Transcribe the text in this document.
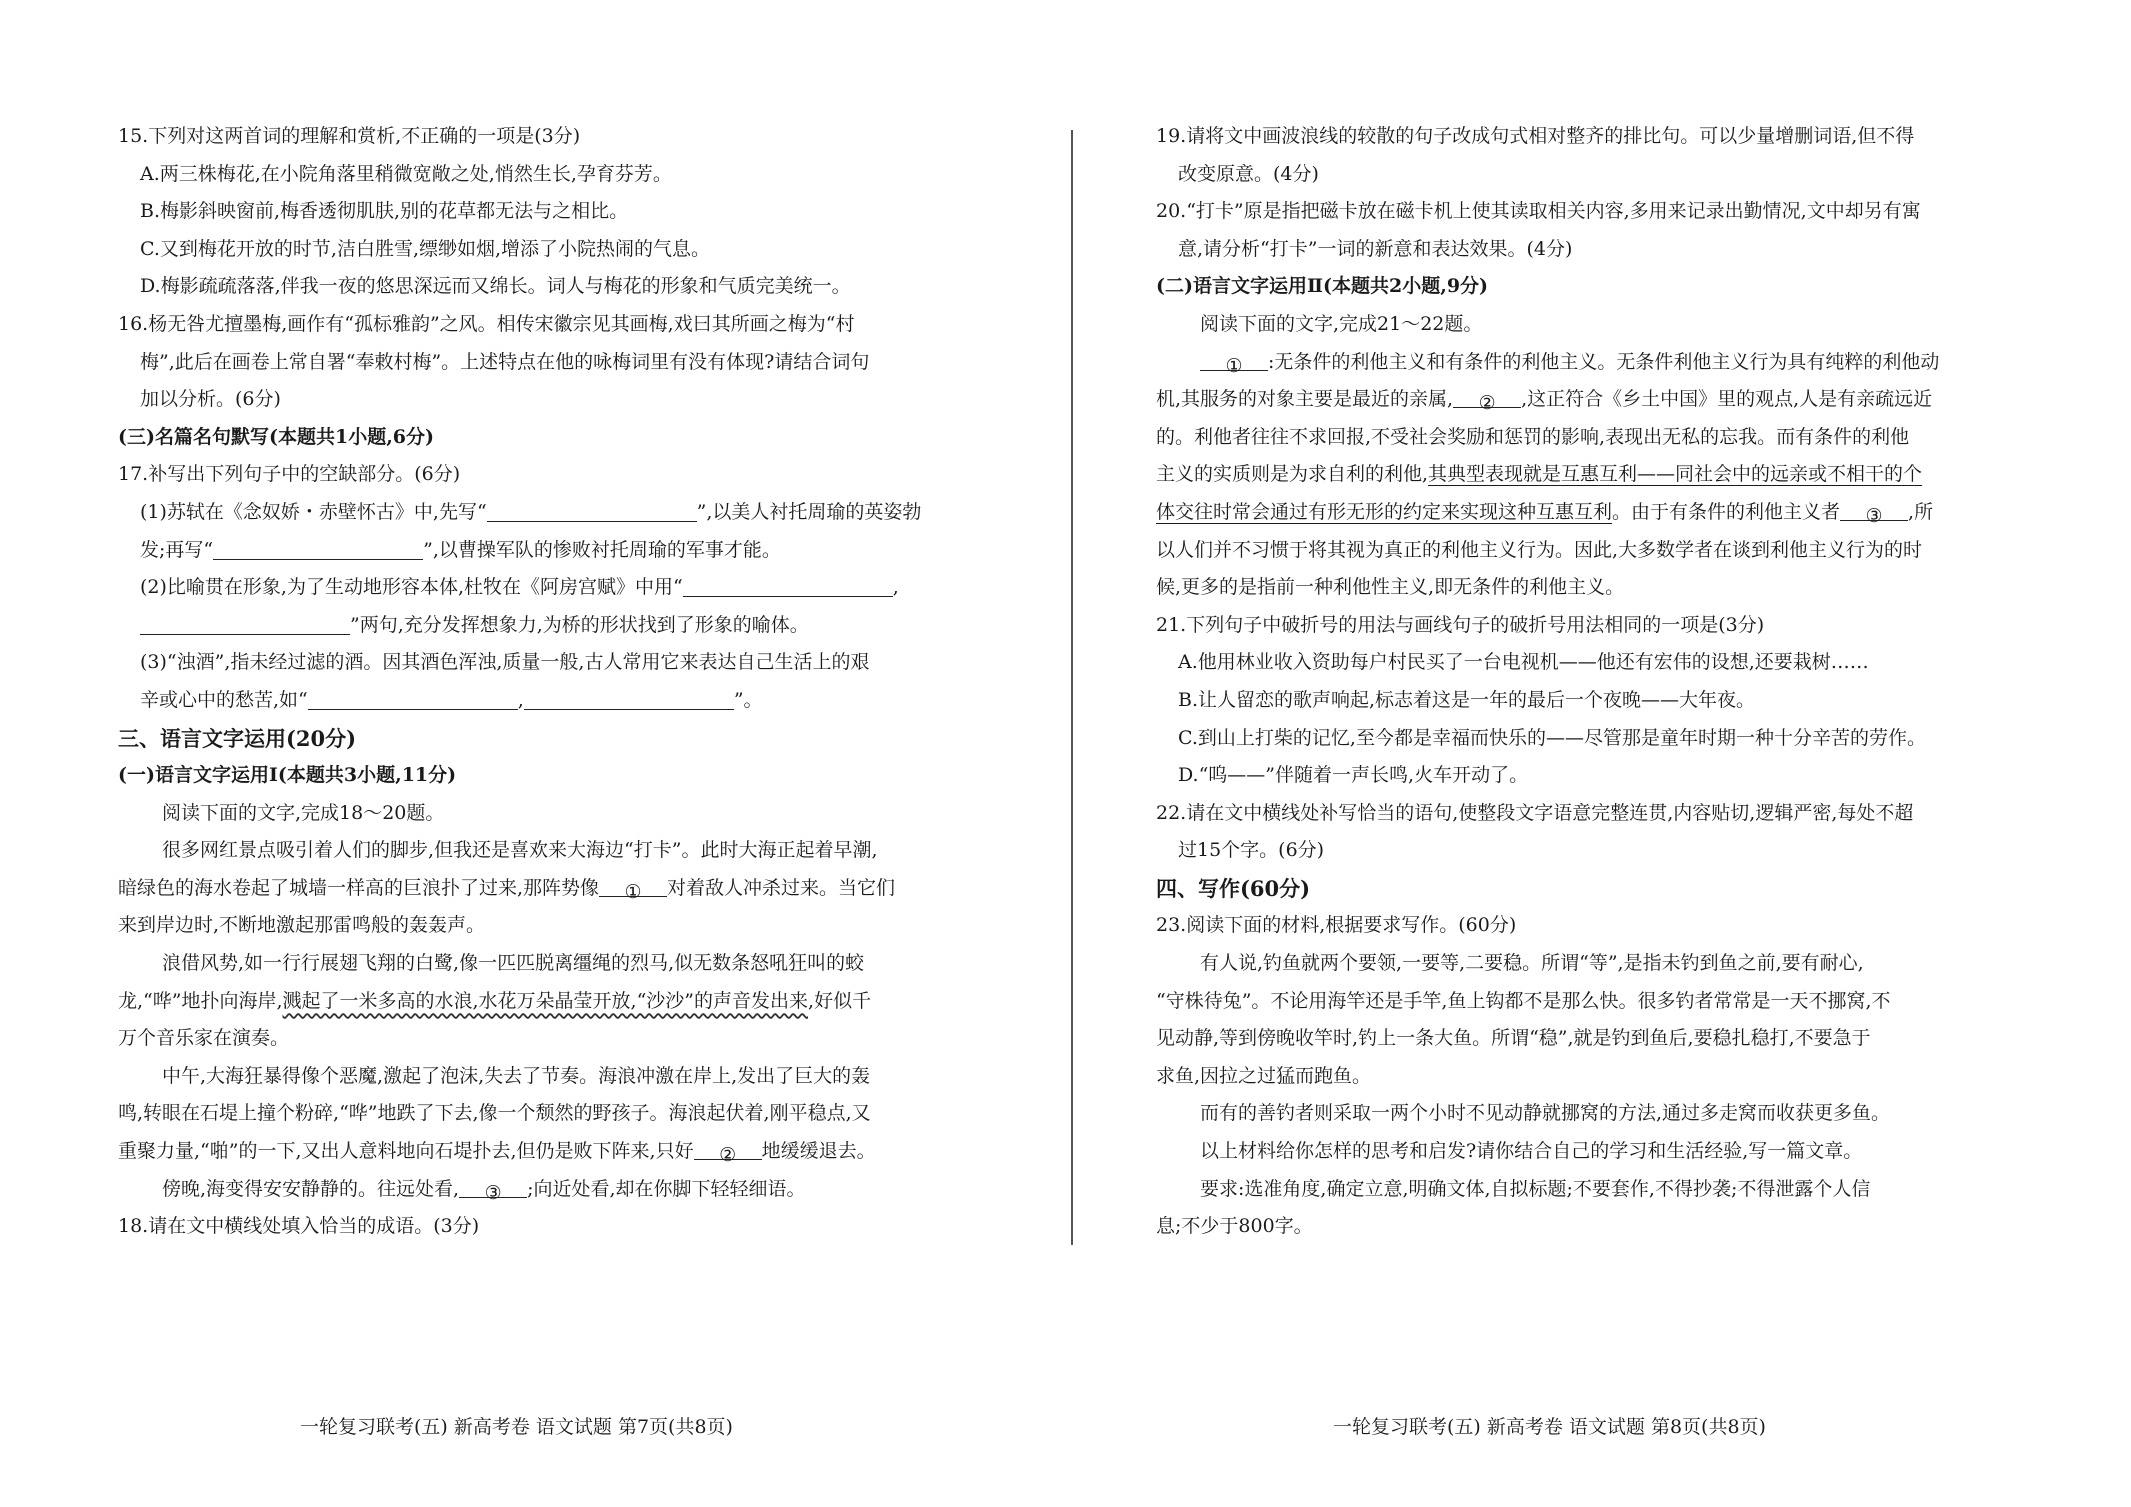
15.下列对这两首词的理解和赏析,不正确的一项是(3分)
A.两三株梅花,在小院角落里稍微宽敞之处,悄然生长,孕育芬芳。
B.梅影斜映窗前,梅香透彻肌肤,别的花草都无法与之相比。
C.又到梅花开放的时节,洁白胜雪,缥缈如烟,增添了小院热闹的气息。
D.梅影疏疏落落,伴我一夜的悠思深远而又绵长。词人与梅花的形象和气质完美统一。
16.杨无咎尤擅墨梅,画作有“孤标雅韵”之风。相传宋徽宗见其画梅,戏曰其所画之梅为“村
梅”,此后在画卷上常自署“奉敕村梅”。上述特点在他的咏梅词里有没有体现?请结合词句
加以分析。(6分)
(三)名篇名句默写(本题共1小题,6分)
17.补写出下列句子中的空缺部分。(6分)
(1)苏轼在《念奴娇・赤壁怀古》中,先写“	”,以美人衬托周瑜的英姿勃
发;再写“	”,以曹操军队的惨败衬托周瑜的军事才能。
(2)比喻贯在形象,为了生动地形容本体,杜牧在《阿房宫赋》中用“	,
”两句,充分发挥想象力,为桥的形状找到了形象的喻体。
(3)“浊酒”,指未经过滤的酒。因其酒色浑浊,质量一般,古人常用它来表达自己生活上的艰
辛或心中的愁苦,如“	,	”。
三、语言文字运用(20分)
(一)语言文字运用Ⅰ(本题共3小题,11分)
阅读下面的文字,完成18～20题。
很多网红景点吸引着人们的脚步,但我还是喜欢来大海边“打卡”。此时大海正起着早潮,
暗绿色的海水卷起了城墙一样高的巨浪扑了过来,那阵势像 ① 对着敌人冲杀过来。当它们
来到岸边时,不断地激起那雷鸣般的轰轰声。
浪借风势,如一行行展翅飞翔的白鹭,像一匹匹脱离缰绳的烈马,似无数条怒吼狂叫的蛟
龙,“哗”地扑向海岸,溅起了一米多高的水浪,水花万朵晶莹开放,“沙沙”的声音发出来,好似千
万个音乐家在演奏。
中午,大海狂暴得像个恶魔,激起了泡沫,失去了节奏。海浪冲激在岸上,发出了巨大的轰
鸣,转眼在石堤上撞个粉碎,“哗”地跌了下去,像一个颓然的野孩子。海浪起伏着,刚平稳点,又
重聚力量,“啪”的一下,又出人意料地向石堤扑去,但仍是败下阵来,只好 ② 地缓缓退去。
傍晚,海变得安安静静的。往远处看, ③ ;向近处看,却在你脚下轻轻细语。
18.请在文中横线处填入恰当的成语。(3分)
19.请将文中画波浪线的较散的句子改成句式相对整齐的排比句。可以少量增删词语,但不得
改变原意。(4分)
20.“打卡”原是指把磁卡放在磁卡机上使其读取相关内容,多用来记录出勤情况,文中却另有寓
意,请分析“打卡”一词的新意和表达效果。(4分)
(二)语言文字运用Ⅱ(本题共2小题,9分)
阅读下面的文字,完成21～22题。
① :无条件的利他主义和有条件的利他主义。无条件利他主义行为具有纯粹的利他动
机,其服务的对象主要是最近的亲属, ② ,这正符合《乡土中国》里的观点,人是有亲疏远近
的。利他者往往不求回报,不受社会奖励和惩罚的影响,表现出无私的忘我。而有条件的利他
主义的实质则是为求自利的利他,其典型表现就是互惠互利——同社会中的远亲或不相干的个
体交往时常会通过有形无形的约定来实现这种互惠互利。由于有条件的利他主义者 ③ ,所
以人们并不习惯于将其视为真正的利他主义行为。因此,大多数学者在谈到利他主义行为的时
候,更多的是指前一种利他性主义,即无条件的利他主义。
21.下列句子中破折号的用法与画线句子的破折号用法相同的一项是(3分)
A.他用林业收入资助每户村民买了一台电视机——他还有宏伟的设想,还要栽树……
B.让人留恋的歌声响起,标志着这是一年的最后一个夜晚——大年夜。
C.到山上打柴的记忆,至今都是幸福而快乐的——尽管那是童年时期一种十分辛苦的劳作。
D.“呜——”伴随着一声长鸣,火车开动了。
22.请在文中横线处补写恰当的语句,使整段文字语意完整连贯,内容贴切,逻辑严密,每处不超
过15个字。(6分)
四、写作(60分)
23.阅读下面的材料,根据要求写作。(60分)
有人说,钓鱼就两个要领,一要等,二要稳。所谓“等”,是指未钓到鱼之前,要有耐心,
“守株待兔”。不论用海竿还是手竿,鱼上钩都不是那么快。很多钓者常常是一天不挪窝,不
见动静,等到傍晚收竿时,钓上一条大鱼。所谓“稳”,就是钓到鱼后,要稳扎稳打,不要急于
求鱼,因拉之过猛而跑鱼。
而有的善钓者则采取一两个小时不见动静就挪窝的方法,通过多走窝而收获更多鱼。
以上材料给你怎样的思考和启发?请你结合自己的学习和生活经验,写一篇文章。
要求:选准角度,确定立意,明确文体,自拟标题;不要套作,不得抄袭;不得泄露个人信
息;不少于800字。
一轮复习联考(五) 新高考卷 语文试题 第7页(共8页)	一轮复习联考(五) 新高考卷 语文试题 第8页(共8页)
